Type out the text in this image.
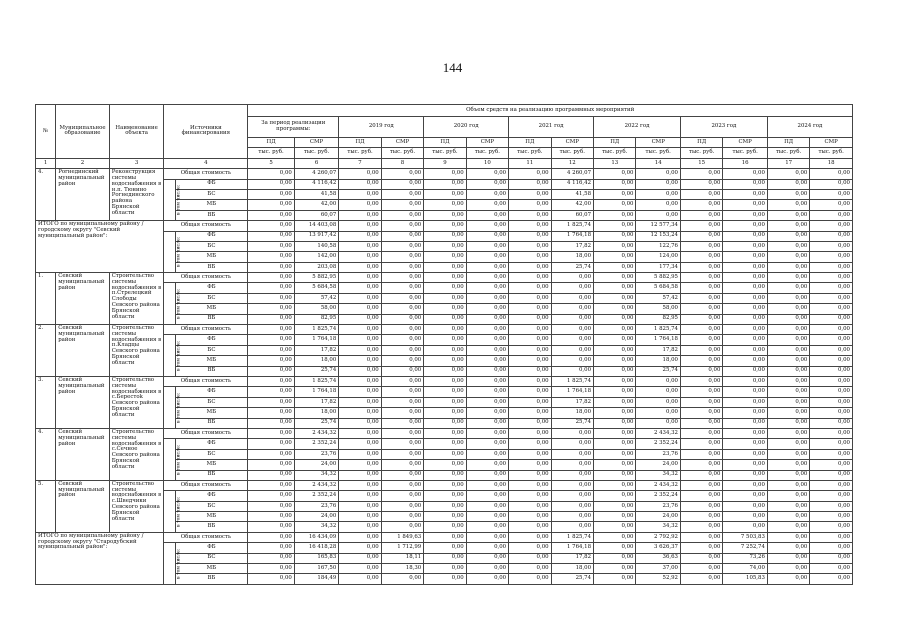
144
№	Муниципальное образование	Наименование объекта	Источники финансирования		Объем средств на реализацию программных мероприятий													
					За период реализации программы:		2019 год		2020 год		2021 год		2022 год		2023 год		2024 год	
					ПД	СМР	ПД	СМР	ПД	СМР	ПД	СМР	ПД	СМР	ПД	СМР	ПД	СМР
					тыс. руб.	тыс. руб.	тыс. руб.	тыс. руб.	тыс. руб.	тыс. руб.	тыс. руб.	тыс. руб.	тыс. руб.	тыс. руб.	тыс. руб.	тыс. руб.	тыс. руб.	тыс. руб.
1	2	3	4		5	6	7	8	9	10	11	12	13	14	15	16	17	18
4.	Рогнединский муниципальный район	Реконструкция системы водоснабжения в н.п. Тюнино Рогнединского района Брянской области	Общая стоимость		0,00	4 260,07	0,00	0,00	0,00	0,00	0,00	4 260,07	0,00	0,00	0,00	0,00	0,00	0,00
			в том числе:	ФБ	0,00	4 116,42	0,00	0,00	0,00	0,00	0,00	4 116,42	0,00	0,00	0,00	0,00	0,00	0,00
				БС	0,00	41,58	0,00	0,00	0,00	0,00	0,00	41,58	0,00	0,00	0,00	0,00	0,00	0,00
				МБ	0,00	42,00	0,00	0,00	0,00	0,00	0,00	42,00	0,00	0,00	0,00	0,00	0,00	0,00
				ВБ	0,00	60,07	0,00	0,00	0,00	0,00	0,00	60,07	0,00	0,00	0,00	0,00	0,00	0,00
ИТОГО по муниципальному району / городскому округу "Севский муниципальный район":			Общая стоимость		0,00	14 403,08	0,00	0,00	0,00	0,00	0,00	1 825,74	0,00	12 577,34	0,00	0,00	0,00	0,00
			в том числе:	ФБ	0,00	13 917,42	0,00	0,00	0,00	0,00	0,00	1 764,18	0,00	12 153,24	0,00	0,00	0,00	0,00
				БС	0,00	140,58	0,00	0,00	0,00	0,00	0,00	17,82	0,00	122,76	0,00	0,00	0,00	0,00
				МБ	0,00	142,00	0,00	0,00	0,00	0,00	0,00	18,00	0,00	124,00	0,00	0,00	0,00	0,00
				ВБ	0,00	203,08	0,00	0,00	0,00	0,00	0,00	25,74	0,00	177,34	0,00	0,00	0,00	0,00
1.	Севский муниципальный район	Строительство системы водоснабжения в п.Стрелецкий Слободы Севского района Брянской области	Общая стоимость		0,00	5 882,95	0,00	0,00	0,00	0,00	0,00	0,00	0,00	5 882,95	0,00	0,00	0,00	0,00
			в том числе:	ФБ	0,00	5 684,58	0,00	0,00	0,00	0,00	0,00	0,00	0,00	5 684,58	0,00	0,00	0,00	0,00
				БС	0,00	57,42	0,00	0,00	0,00	0,00	0,00	0,00	0,00	57,42	0,00	0,00	0,00	0,00
				МБ	0,00	58,00	0,00	0,00	0,00	0,00	0,00	0,00	0,00	58,00	0,00	0,00	0,00	0,00
				ВБ	0,00	82,95	0,00	0,00	0,00	0,00	0,00	0,00	0,00	82,95	0,00	0,00	0,00	0,00
2.	Севский муниципальный район	Строительство системы водоснабжения в п.Кладцы Севского района Брянской области	Общая стоимость		0,00	1 825,74	0,00	0,00	0,00	0,00	0,00	0,00	0,00	1 825,74	0,00	0,00	0,00	0,00
			в том числе:	ФБ	0,00	1 764,18	0,00	0,00	0,00	0,00	0,00	0,00	0,00	1 764,18	0,00	0,00	0,00	0,00
				БС	0,00	17,82	0,00	0,00	0,00	0,00	0,00	0,00	0,00	17,82	0,00	0,00	0,00	0,00
				МБ	0,00	18,00	0,00	0,00	0,00	0,00	0,00	0,00	0,00	18,00	0,00	0,00	0,00	0,00
				ВБ	0,00	25,74	0,00	0,00	0,00	0,00	0,00	0,00	0,00	25,74	0,00	0,00	0,00	0,00
3.	Севский муниципальный район	Строительство системы водоснабжения в с.Берестоk Севского района Брянской области	Общая стоимость		0,00	1 825,74	0,00	0,00	0,00	0,00	0,00	1 825,74	0,00	0,00	0,00	0,00	0,00	0,00
			в том числе:	ФБ	0,00	1 764,18	0,00	0,00	0,00	0,00	0,00	1 764,18	0,00	0,00	0,00	0,00	0,00	0,00
				БС	0,00	17,82	0,00	0,00	0,00	0,00	0,00	17,82	0,00	0,00	0,00	0,00	0,00	0,00
				МБ	0,00	18,00	0,00	0,00	0,00	0,00	0,00	18,00	0,00	0,00	0,00	0,00	0,00	0,00
				ВБ	0,00	25,74	0,00	0,00	0,00	0,00	0,00	25,74	0,00	0,00	0,00	0,00	0,00	0,00
4.	Севский муниципальный район	Строительство системы водоснабжения в с.Сечное Севского района Брянской области	Общая стоимость		0,00	2 434,32	0,00	0,00	0,00	0,00	0,00	0,00	0,00	2 434,32	0,00	0,00	0,00	0,00
			в том числе:	ФБ	0,00	2 352,24	0,00	0,00	0,00	0,00	0,00	0,00	0,00	2 352,24	0,00	0,00	0,00	0,00
				БС	0,00	23,76	0,00	0,00	0,00	0,00	0,00	0,00	0,00	23,76	0,00	0,00	0,00	0,00
				МБ	0,00	24,00	0,00	0,00	0,00	0,00	0,00	0,00	0,00	24,00	0,00	0,00	0,00	0,00
				ВБ	0,00	34,32	0,00	0,00	0,00	0,00	0,00	0,00	0,00	34,32	0,00	0,00	0,00	0,00
5.	Севский муниципальный район	Строительство системы водоснабжения в с.Шведчики Севского района Брянской области	Общая стоимость		0,00	2 434,32	0,00	0,00	0,00	0,00	0,00	0,00	0,00	2 434,32	0,00	0,00	0,00	0,00
			в том числе:	ФБ	0,00	2 352,24	0,00	0,00	0,00	0,00	0,00	0,00	0,00	2 352,24	0,00	0,00	0,00	0,00
				БС	0,00	23,76	0,00	0,00	0,00	0,00	0,00	0,00	0,00	23,76	0,00	0,00	0,00	0,00
				МБ	0,00	24,00	0,00	0,00	0,00	0,00	0,00	0,00	0,00	24,00	0,00	0,00	0,00	0,00
				ВБ	0,00	34,32	0,00	0,00	0,00	0,00	0,00	0,00	0,00	34,32	0,00	0,00	0,00	0,00
ИТОГО по муниципальному району / городскому округу "Стародубский муниципальный район":			Общая стоимость		0,00	16 434,09	0,00	1 849,63	0,00	0,00	0,00	1 825,74	0,00	2 792,92	0,00	7 503,83	0,00	0,00
			в том числе:	ФБ	0,00	16 418,28	0,00	1 712,99	0,00	0,00	0,00	1 764,18	0,00	3 626,37	0,00	7 252,74	0,00	0,00
				БС	0,00	165,83	0,00	18,11	0,00	0,00	0,00	17,82	0,00	36,63	0,00	73,26	0,00	0,00
				МБ	0,00	167,50	0,00	18,30	0,00	0,00	0,00	18,00	0,00	37,00	0,00	74,00	0,00	0,00
				ВБ	0,00	184,49	0,00	0,00	0,00	0,00	0,00	25,74	0,00	52,92	0,00	105,83	0,00	0,00
